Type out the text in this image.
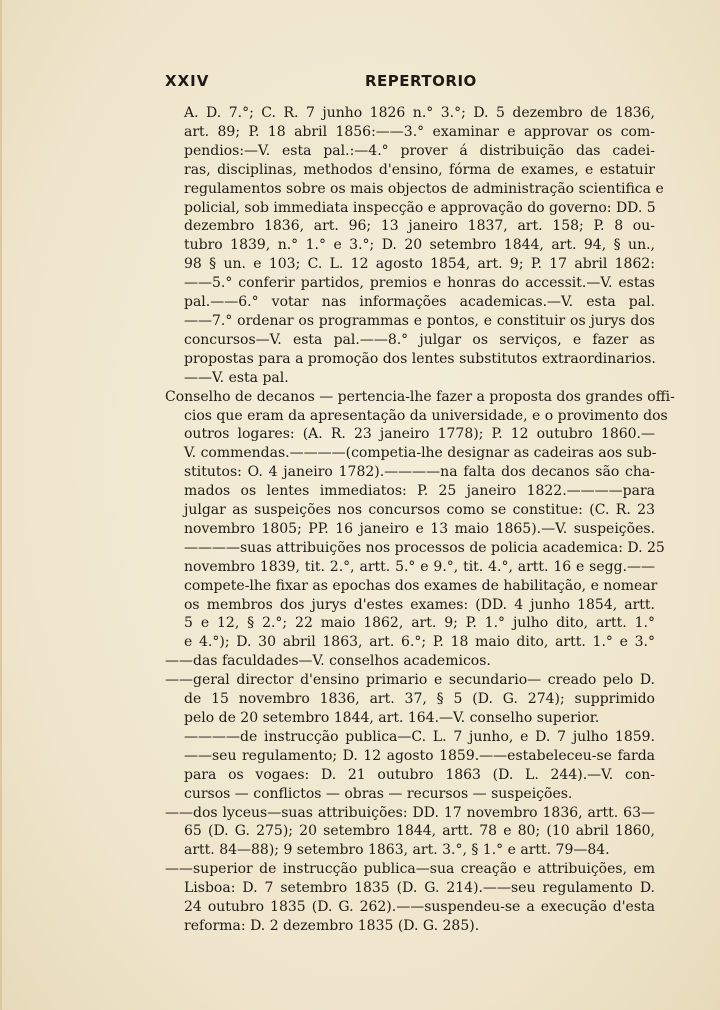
XXIV	REPERTORIO
A. D. 7.°; C. R. 7 junho 1826 n.° 3.°; D. 5 dezembro de 1836,
art. 89; P. 18 abril 1856:——3.° examinar e approvar os com-
pendios:—V. esta pal.:—4.° prover á distribuição das cadei-
ras, disciplinas, methodos d'ensino, fórma de exames, e estatuir
regulamentos sobre os mais objectos de administração scientifica e
policial, sob immediata inspecção e approvação do governo: DD. 5
dezembro 1836, art. 96; 13 janeiro 1837, art. 158; P. 8 ou-
tubro 1839, n.° 1.° e 3.°; D. 20 setembro 1844, art. 94, § un.,
98 § un. e 103; C. L. 12 agosto 1854, art. 9; P. 17 abril 1862:
——5.° conferir partidos, premios e honras do accessit.—V. estas
pal.——6.° votar nas informações academicas.—V. esta pal.
——7.° ordenar os programmas e pontos, e constituir os jurys dos
concursos—V. esta pal.——8.° julgar os serviços, e fazer as
propostas para a promoção dos lentes substitutos extraordinarios.
——V. esta pal.
Conselho de decanos — pertencia-lhe fazer a proposta dos grandes offi-
cios que eram da apresentação da universidade, e o provimento dos
outros logares: (A. R. 23 janeiro 1778); P. 12 outubro 1860.—
V. commendas.————(competia-lhe designar as cadeiras aos sub-
stitutos: O. 4 janeiro 1782).————na falta dos decanos são cha-
mados os lentes immediatos: P. 25 janeiro 1822.————para
julgar as suspeições nos concursos como se constitue: (C. R. 23
novembro 1805; PP. 16 janeiro e 13 maio 1865).—V. suspeições.
————suas attribuições nos processos de policia academica: D. 25
novembro 1839, tit. 2.°, artt. 5.° e 9.°, tit. 4.°, artt. 16 e segg.——
compete-lhe fixar as epochas dos exames de habilitação, e nomear
os membros dos jurys d'estes exames: (DD. 4 junho 1854, artt.
5 e 12, § 2.°; 22 maio 1862, art. 9; P. 1.° julho dito, artt. 1.°
e 4.°); D. 30 abril 1863, art. 6.°; P. 18 maio dito, artt. 1.° e 3.°
——das faculdades—V. conselhos academicos.
——geral director d'ensino primario e secundario— creado pelo D.
de 15 novembro 1836, art. 37, § 5 (D. G. 274); supprimido
pelo de 20 setembro 1844, art. 164.—V. conselho superior.
————de instrucção publica—C. L. 7 junho, e D. 7 julho 1859.
——seu regulamento; D. 12 agosto 1859.——estabeleceu-se farda
para os vogaes: D. 21 outubro 1863 (D. L. 244).—V. con-
cursos — conflictos — obras — recursos — suspeições.
——dos lyceus—suas attribuições: DD. 17 novembro 1836, artt. 63—
65 (D. G. 275); 20 setembro 1844, artt. 78 e 80; (10 abril 1860,
artt. 84—88); 9 setembro 1863, art. 3.°, § 1.° e artt. 79—84.
——superior de instrucção publica—sua creação e attribuições, em
Lisboa: D. 7 setembro 1835 (D. G. 214).——seu regulamento D.
24 outubro 1835 (D. G. 262).——suspendeu-se a execução d'esta
reforma: D. 2 dezembro 1835 (D. G. 285).
